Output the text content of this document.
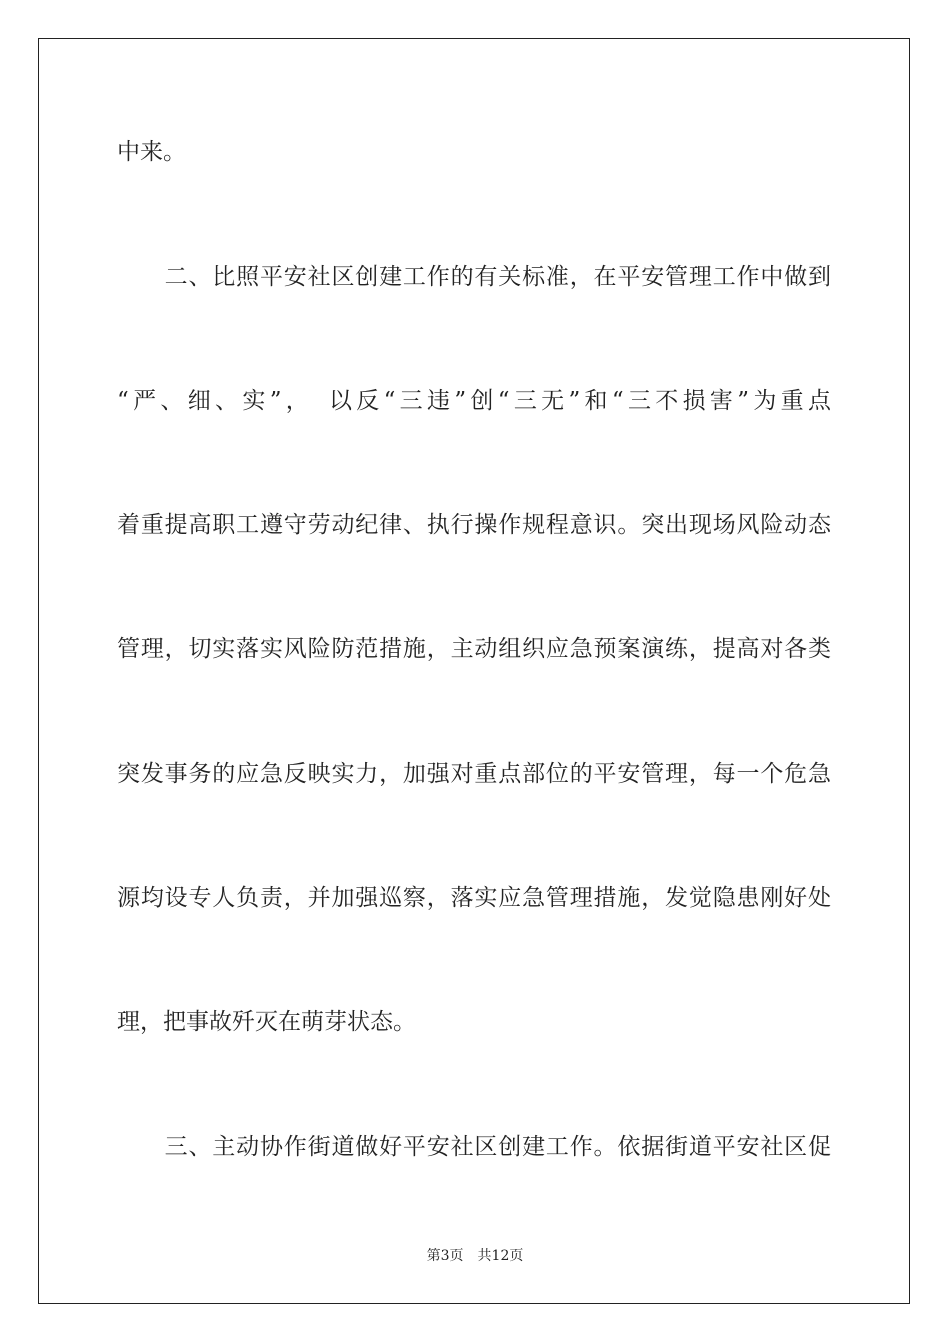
中来。
　　二、比照平安社区创建工作的有关标准，在平安管理工作中做到
“严、细、实”，　以反“三违”创“三无”和“三不损害”为重点
着重提高职工遵守劳动纪律、执行操作规程意识。突出现场风险动态
管理，切实落实风险防范措施，主动组织应急预案演练，提高对各类
突发事务的应急反映实力，加强对重点部位的平安管理，每一个危急
源均设专人负责，并加强巡察，落实应急管理措施，发觉隐患刚好处
理，把事故歼灭在萌芽状态。
　　三、主动协作街道做好平安社区创建工作。依据街道平安社区促
第3页 共12页
